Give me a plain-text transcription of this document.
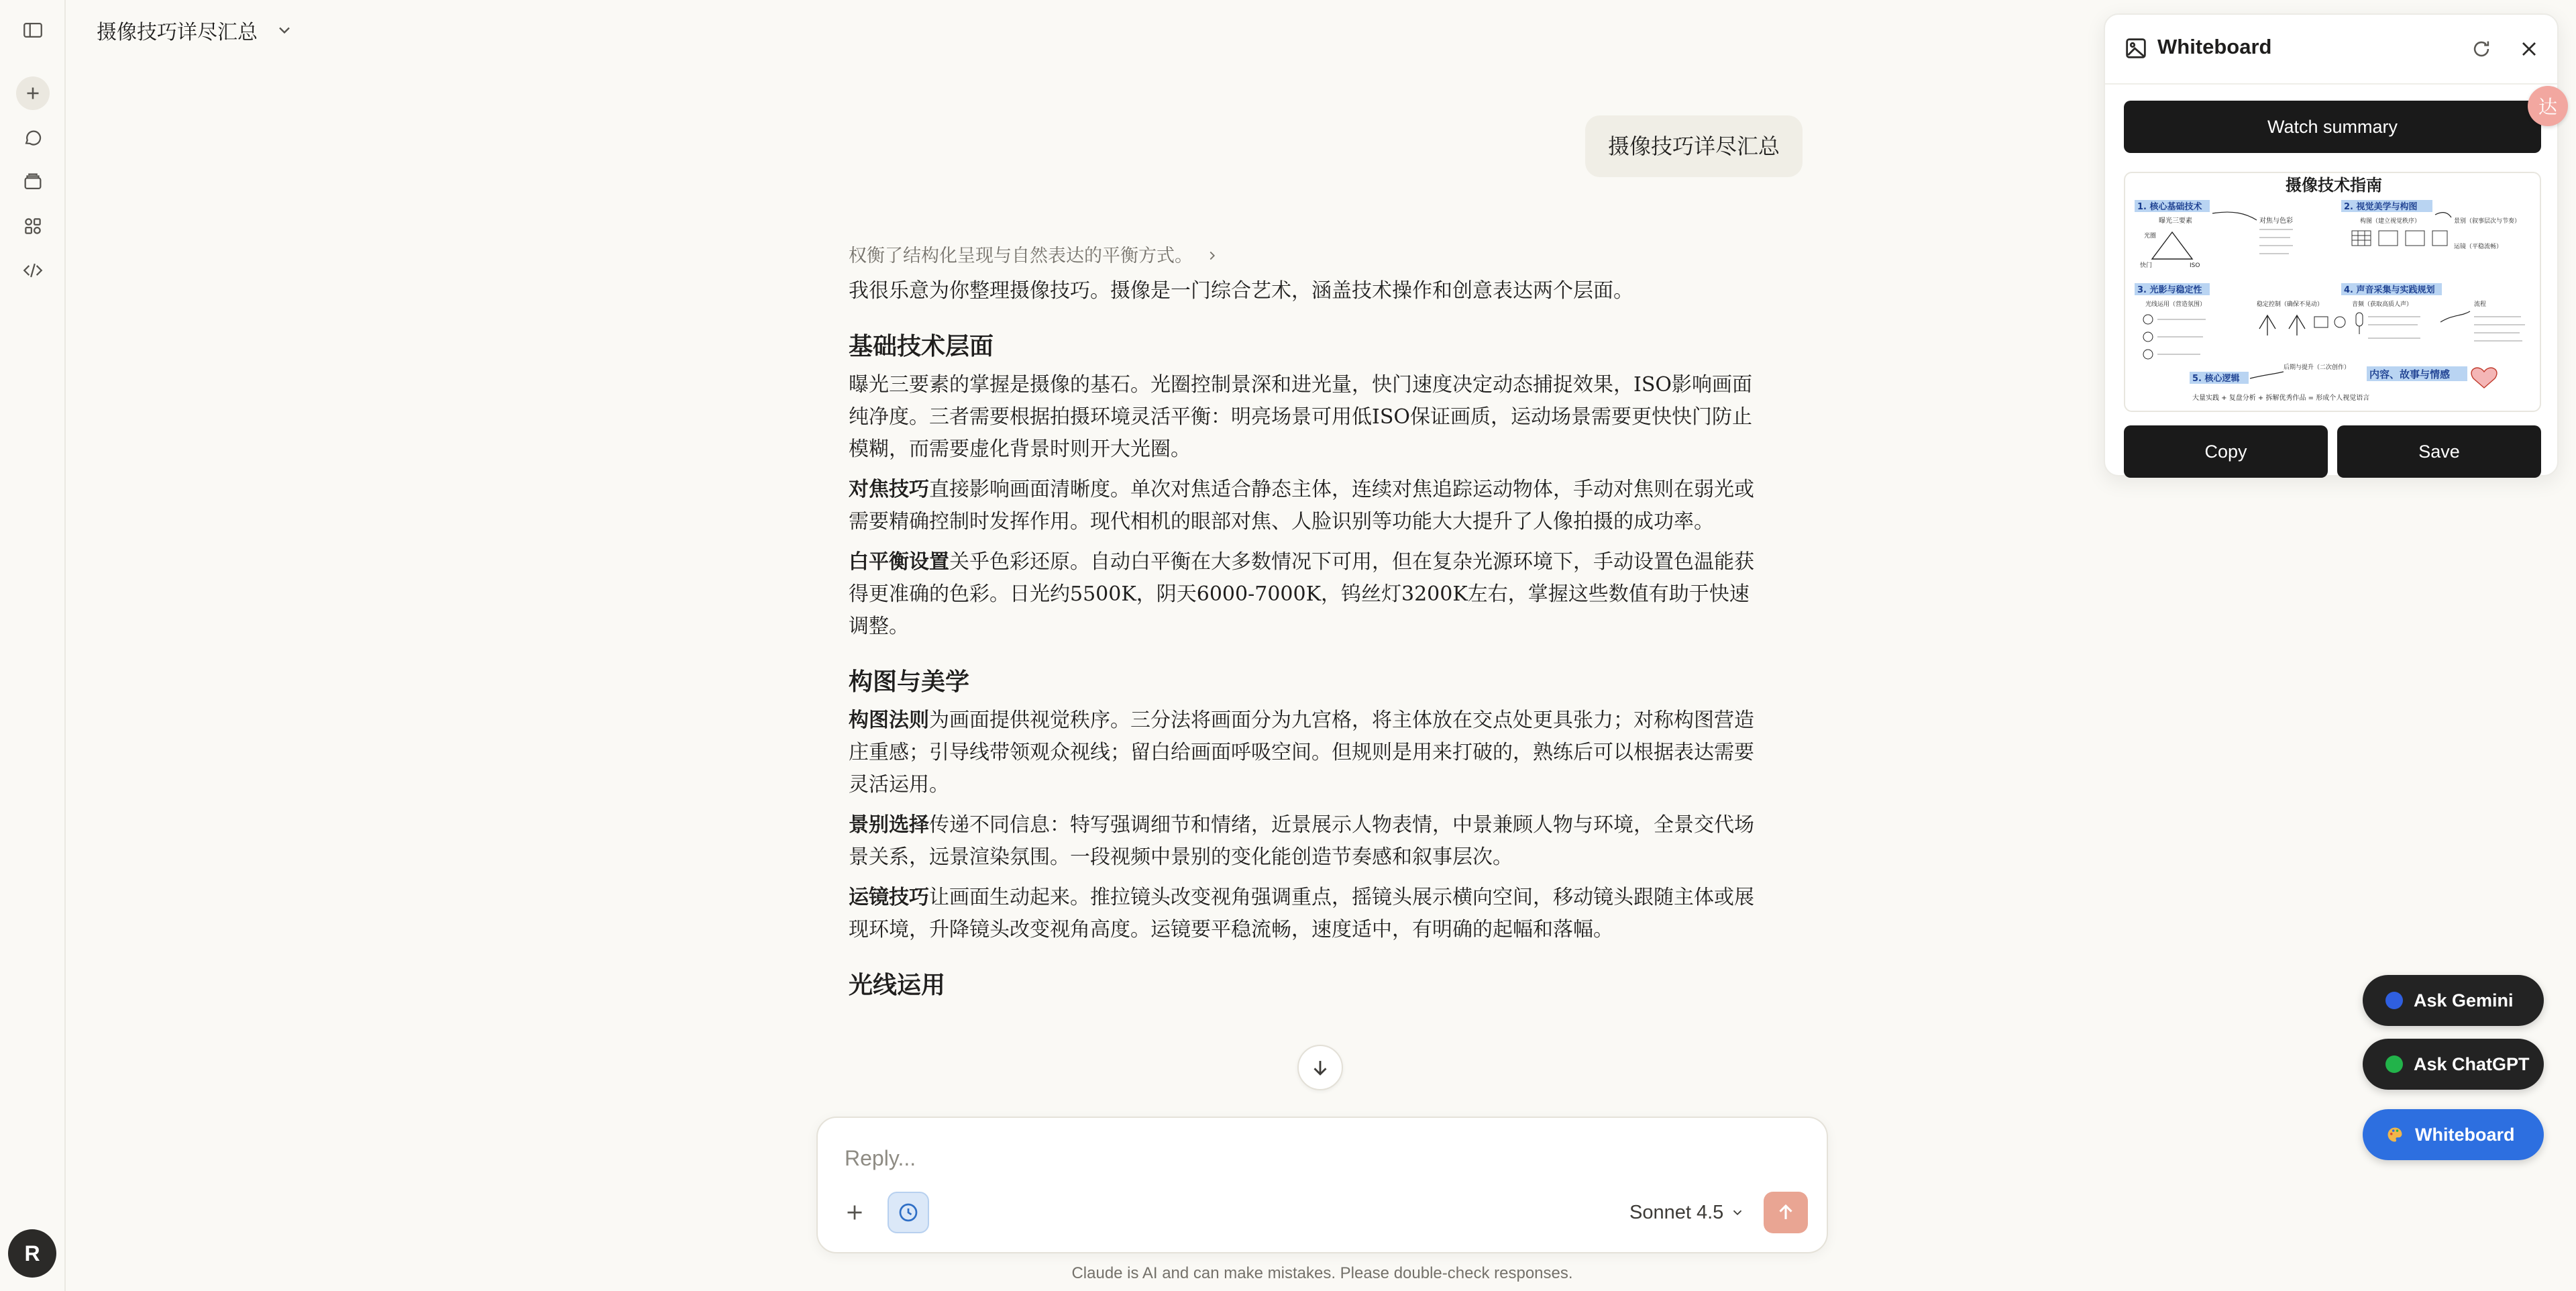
R
摄像技巧详尽汇总
摄像技巧详尽汇总
权衡了结构化呈现与自然表达的平衡方式。

我很乐意为你整理摄像技巧。摄像是一门综合艺术，涵盖技术操作和创意表达两个层面。

基础技术层面

曝光三要素的掌握是摄像的基石。光圈控制景深和进光量，快门速度决定动态捕捉效果，ISO影响画面纯净度。三者需要根据拍摄环境灵活平衡：明亮场景可用低ISO保证画质，运动场景需要更快快门防止模糊，而需要虚化背景时则开大光圈。

对焦技巧直接影响画面清晰度。单次对焦适合静态主体，连续对焦追踪运动物体，手动对焦则在弱光或需要精确控制时发挥作用。现代相机的眼部对焦、人脸识别等功能大大提升了人像拍摄的成功率。

白平衡设置关乎色彩还原。自动白平衡在大多数情况下可用，但在复杂光源环境下，手动设置色温能获得更准确的色彩。日光约5500K，阴天6000-7000K，钨丝灯3200K左右，掌握这些数值有助于快速调整。

构图与美学

构图法则为画面提供视觉秩序。三分法将画面分为九宫格，将主体放在交点处更具张力；对称构图营造庄重感；引导线带领观众视线；留白给画面呼吸空间。但规则是用来打破的，熟练后可以根据表达需要灵活运用。

景别选择传递不同信息：特写强调细节和情绪，近景展示人物表情，中景兼顾人物与环境，全景交代场景关系，远景渲染氛围。一段视频中景别的变化能创造节奏感和叙事层次。

运镜技巧让画面生动起来。推拉镜头改变视角强调重点，摇镜头展示横向空间，移动镜头跟随主体或展现环境，升降镜头改变视角高度。运镜要平稳流畅，速度适中，有明确的起幅和落幅。

光线运用
Reply...
Sonnet 4.5
Claude is AI and can make mistakes. Please double-check responses.
Whiteboard
Watch summary
摄像技术指南
1. 核心基础技术
曝光三要素
光圈
快门	ISO
对焦与色彩
2. 视觉美学与构图
构图（建立视觉秩序）	景别（叙事层次与节奏）
运镜（平稳流畅）
3. 光影与稳定性
光线运用（营造氛围）	稳定控制（确保不晃动）
4. 声音采集与实践规划
音频（获取高质人声）	流程
后期与提升（二次创作）
5. 核心逻辑	内容、故事与情感
大量实践 + 复盘分析 + 拆解优秀作品 = 形成个人视觉语言
Copy	Save
达
Ask Gemini
Ask ChatGPT
Whiteboard
